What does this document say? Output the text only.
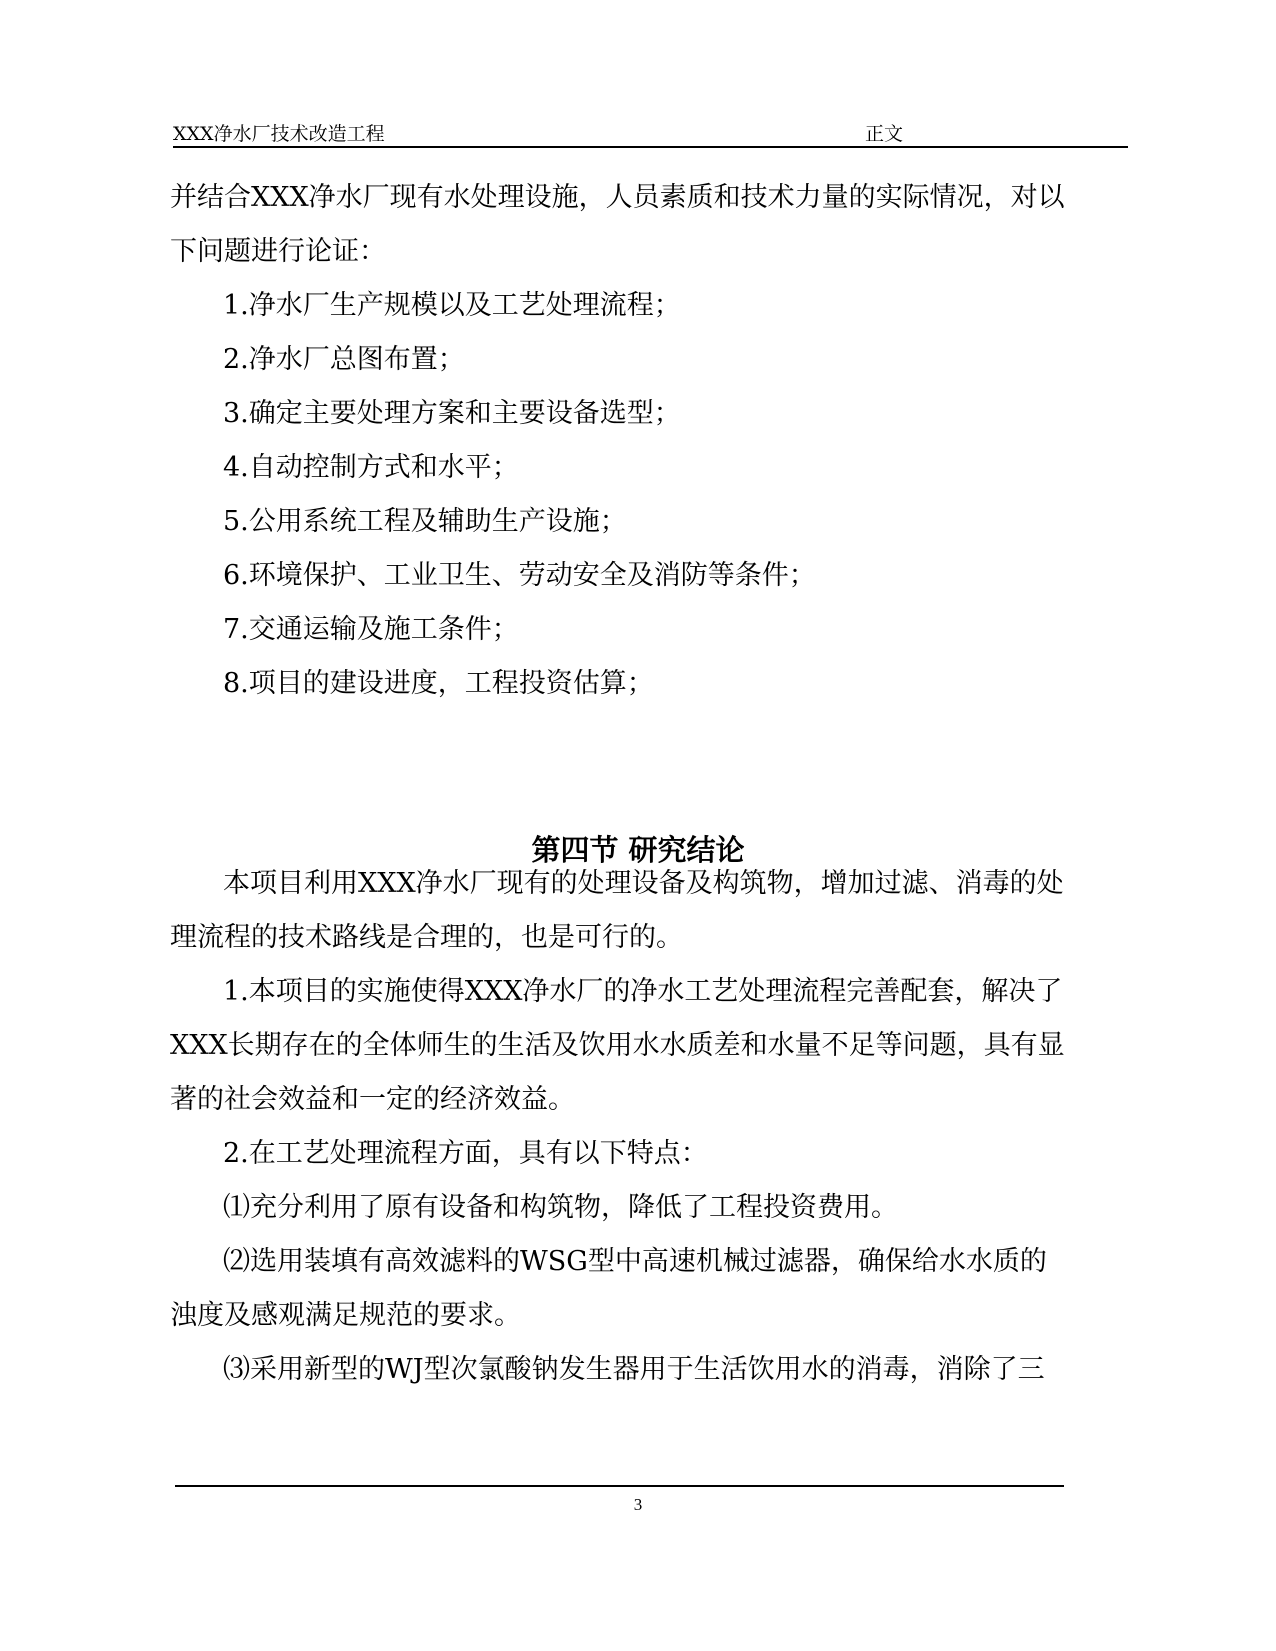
XXX净水厂技术改造工程	正文
并结合XXX净水厂现有水处理设施，人员素质和技术力量的实际情况，对以
下问题进行论证：
1.净水厂生产规模以及工艺处理流程；
2.净水厂总图布置；
3.确定主要处理方案和主要设备选型；
4.自动控制方式和水平；
5.公用系统工程及辅助生产设施；
6.环境保护、工业卫生、劳动安全及消防等条件；
7.交通运输及施工条件；
8.项目的建设进度，工程投资估算；
第四节 研究结论
本项目利用XXX净水厂现有的处理设备及构筑物，增加过滤、消毒的处
理流程的技术路线是合理的，也是可行的。
1.本项目的实施使得XXX净水厂的净水工艺处理流程完善配套，解决了
XXX长期存在的全体师生的生活及饮用水水质差和水量不足等问题，具有显
著的社会效益和一定的经济效益。
2.在工艺处理流程方面，具有以下特点：
⑴充分利用了原有设备和构筑物，降低了工程投资费用。
⑵选用装填有高效滤料的WSG型中高速机械过滤器，确保给水水质的
浊度及感观满足规范的要求。
⑶采用新型的WJ型次氯酸钠发生器用于生活饮用水的消毒，消除了三
3
